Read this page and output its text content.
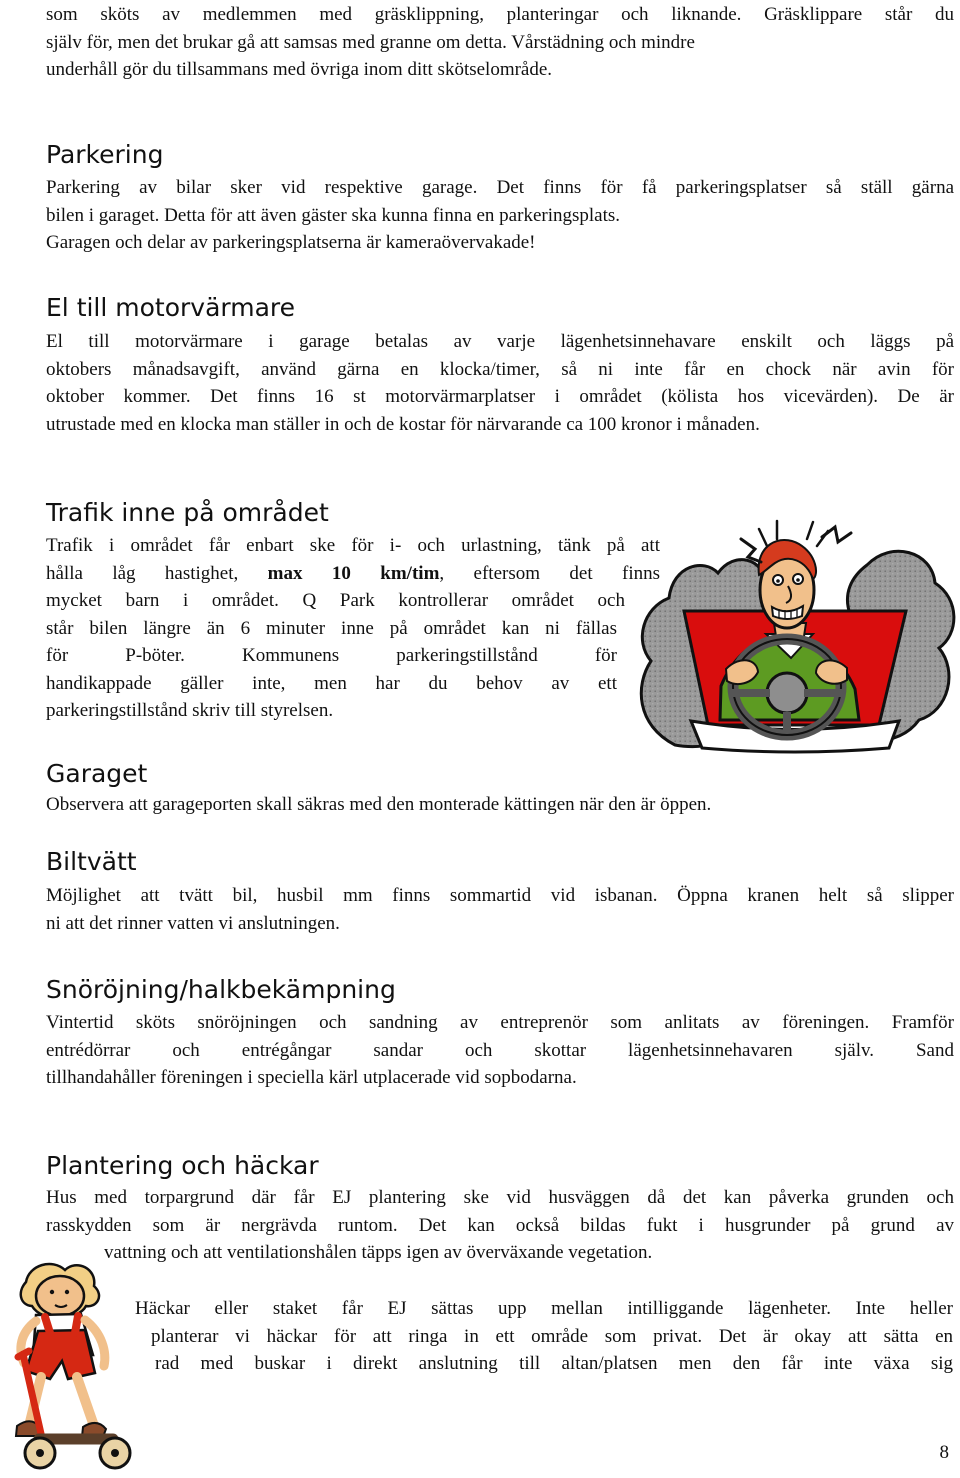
som sköts av medlemmen med gräsklippning, planteringar och liknande. Gräsklippare står du
själv för, men det brukar gå att samsas med granne om detta. Vårstädning och mindre
underhåll gör du tillsammans med övriga inom ditt skötselområde.

Parkering

Parkering av bilar sker vid respektive garage. Det finns för få parkeringsplatser så ställ gärna
bilen i garaget. Detta för att även gäster ska kunna finna en parkeringsplats.
Garagen och delar av parkeringsplatserna är kameraövervakade!

El till motorvärmare

El till motorvärmare i garage betalas av varje lägenhetsinnehavare enskilt och läggs på
oktobers månadsavgift, använd gärna en klocka/timer, så ni inte får en chock när avin för
oktober kommer. Det finns 16 st motorvärmarplatser i området (kölista hos vicevärden). De är
utrustade med en klocka man ställer in och de kostar för närvarande ca 100 kronor i månaden.

Trafik inne på området
Trafik i området får enbart ske för i- och urlastning, tänk på att
hålla låg hastighet, max 10 km/tim, eftersom det finns
mycket barn i området. Q Park kontrollerar området och
står bilen längre än 6 minuter inne på området kan ni fällas
för P-böter. Kommunens parkeringstillstånd för
handikappade gäller inte, men har du behov av ett
parkeringstillstånd skriv till styrelsen.
Garaget

Observera att garageporten skall säkras med den monterade kättingen när den är öppen.

Biltvätt

Möjlighet att tvätt bil, husbil mm finns sommartid vid isbanan. Öppna kranen helt så slipper
ni att det rinner vatten vi anslutningen.

Snöröjning/halkbekämpning

Vintertid sköts snöröjningen och sandning av entreprenör som anlitats av föreningen. Framför
entrédörrar och entrégångar sandar och skottar lägenhetsinnehavaren själv. Sand
tillhandahåller föreningen i speciella kärl utplacerade vid sopbodarna.

Plantering och häckar

Hus med torpargrund där får EJ plantering ske vid husväggen då det kan påverka grunden och
rasskydden som är nergrävda runtom. Det kan också bildas fukt i husgrunder på grund av
vattning och att ventilationshålen täpps igen av överväxande vegetation.

Häckar eller staket får EJ sättas upp mellan intilliggande lägenheter. Inte heller
planterar vi häckar för att ringa in ett område som privat. Det är okay att sätta en
rad med buskar i direkt anslutning till altan/platsen men den får inte växa sig

8
